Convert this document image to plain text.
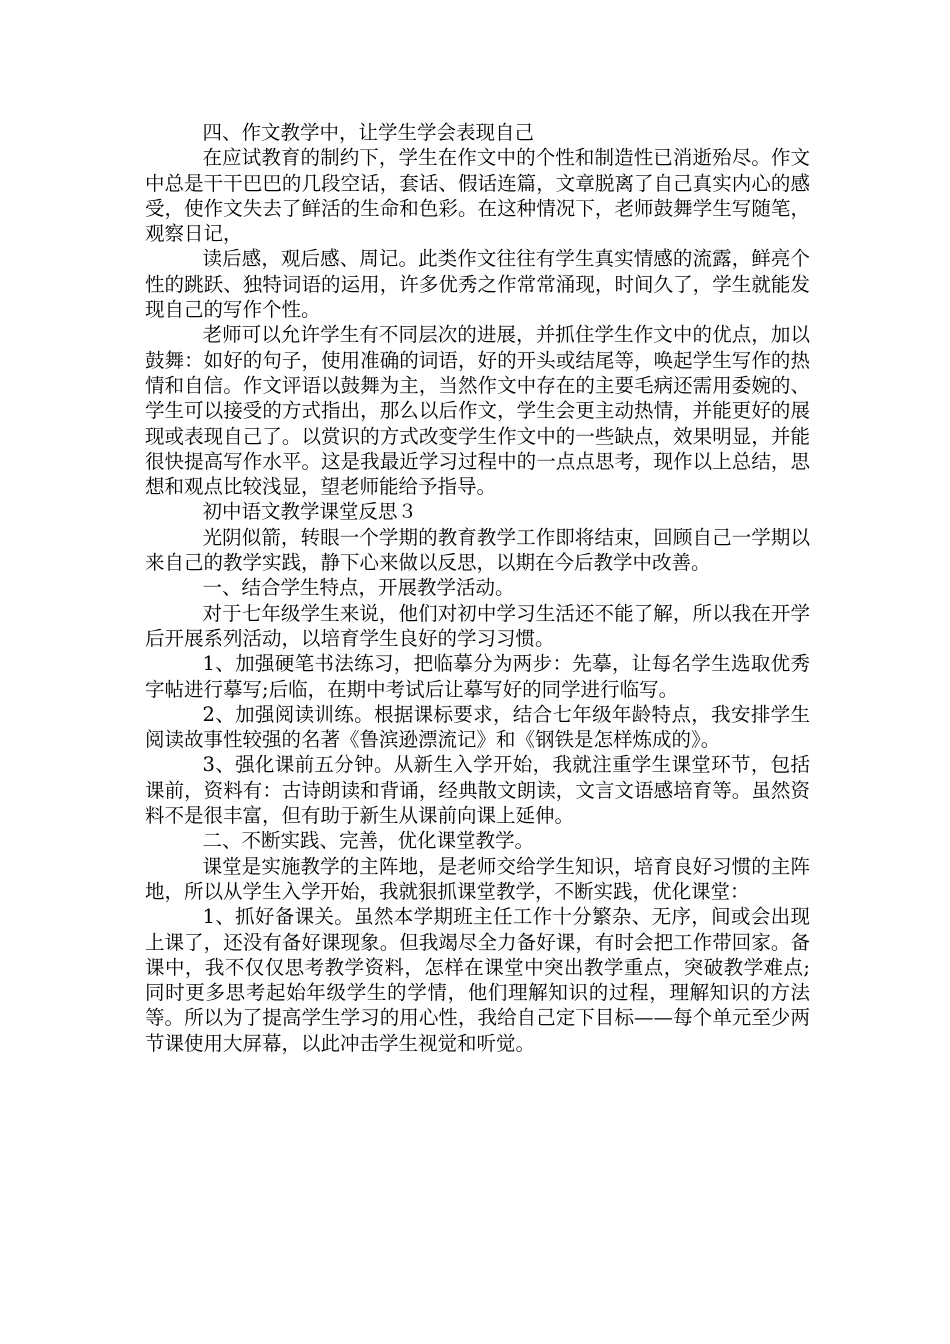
四、作文教学中，让学生学会表现自己

在应试教育的制约下，学生在作文中的个性和制造性已消逝殆尽。作文中总是干干巴巴的几段空话，套话、假话连篇，文章脱离了自己真实内心的感受，使作文失去了鲜活的生命和色彩。在这种情况下，老师鼓舞学生写随笔，观察日记，

读后感，观后感、周记。此类作文往往有学生真实情感的流露，鲜亮个性的跳跃、独特词语的运用，许多优秀之作常常涌现，时间久了，学生就能发现自己的写作个性。

老师可以允许学生有不同层次的进展，并抓住学生作文中的优点，加以鼓舞：如好的句子，使用准确的词语，好的开头或结尾等，唤起学生写作的热情和自信。作文评语以鼓舞为主，当然作文中存在的主要毛病还需用委婉的、学生可以接受的方式指出，那么以后作文，学生会更主动热情，并能更好的展现或表现自己了。以赏识的方式改变学生作文中的一些缺点，效果明显，并能很快提高写作水平。这是我最近学习过程中的一点点思考，现作以上总结，思想和观点比较浅显，望老师能给予指导。

初中语文教学课堂反思３

光阴似箭，转眼一个学期的教育教学工作即将结束，回顾自己一学期以来自己的教学实践，静下心来做以反思，以期在今后教学中改善。

一、结合学生特点，开展教学活动。

对于七年级学生来说，他们对初中学习生活还不能了解，所以我在开学后开展系列活动，以培育学生良好的学习习惯。

1、加强硬笔书法练习，把临摹分为两步：先摹，让每名学生选取优秀字帖进行摹写;后临，在期中考试后让摹写好的同学进行临写。

2、加强阅读训练。根据课标要求，结合七年级年龄特点，我安排学生阅读故事性较强的名著《鲁滨逊漂流记》和《钢铁是怎样炼成的》。

3、强化课前五分钟。从新生入学开始，我就注重学生课堂环节，包括课前，资料有：古诗朗读和背诵，经典散文朗读，文言文语感培育等。虽然资料不是很丰富，但有助于新生从课前向课上延伸。

二、不断实践、完善，优化课堂教学。

课堂是实施教学的主阵地，是老师交给学生知识，培育良好习惯的主阵地，所以从学生入学开始，我就狠抓课堂教学，不断实践，优化课堂：

1、抓好备课关。虽然本学期班主任工作十分繁杂、无序，间或会出现上课了，还没有备好课现象。但我竭尽全力备好课，有时会把工作带回家。备课中，我不仅仅思考教学资料，怎样在课堂中突出教学重点，突破教学难点;同时更多思考起始年级学生的学情，他们理解知识的过程，理解知识的方法等。所以为了提高学生学习的用心性，我给自己定下目标——每个单元至少两节课使用大屏幕，以此冲击学生视觉和听觉。
